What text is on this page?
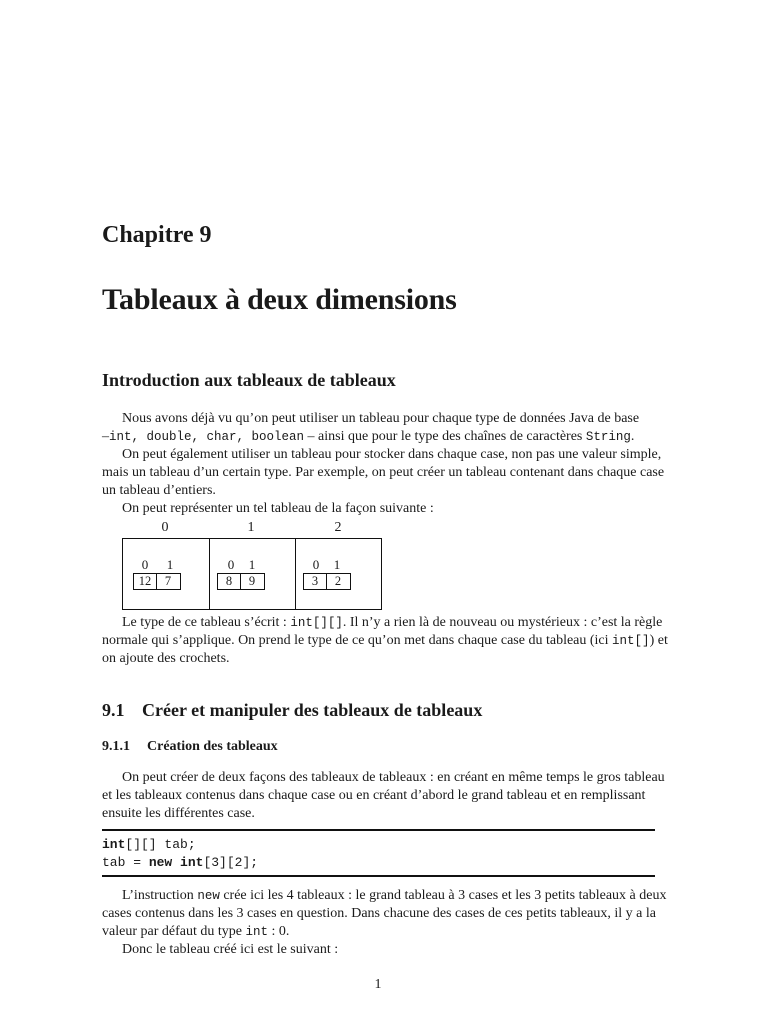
Chapitre 9
Tableaux à deux dimensions
Introduction aux tableaux de tableaux
Nous avons déjà vu qu’on peut utiliser un tableau pour chaque type de données Java de base
–int, double, char, boolean – ainsi que pour le type des chaînes de caractères String.
On peut également utiliser un tableau pour stocker dans chaque case, non pas une valeur simple,
mais un tableau d’un certain type. Par exemple, on peut créer un tableau contenant dans chaque case
un tableau d’entiers.
On peut représenter un tel tableau de la façon suivante :
0	1	2
0 1
12	7
0 1
8	9
0 1
3	2
Le type de ce tableau s’écrit : int[][]. Il n’y a rien là de nouveau ou mystérieux : c’est la règle
normale qui s’applique. On prend le type de ce qu’on met dans chaque case du tableau (ici int[]) et
on ajoute des crochets.
9.1 Créer et manipuler des tableaux de tableaux
9.1.1 Création des tableaux
On peut créer de deux façons des tableaux de tableaux : en créant en même temps le gros tableau
et les tableaux contenus dans chaque case ou en créant d’abord le grand tableau et en remplissant
ensuite les différentes case.
int[][] tab;
tab = new int[3][2];
L’instruction new crée ici les 4 tableaux : le grand tableau à 3 cases et les 3 petits tableaux à deux
cases contenus dans les 3 cases en question. Dans chacune des cases de ces petits tableaux, il y a la
valeur par défaut du type int : 0.
Donc le tableau créé ici est le suivant :
1
